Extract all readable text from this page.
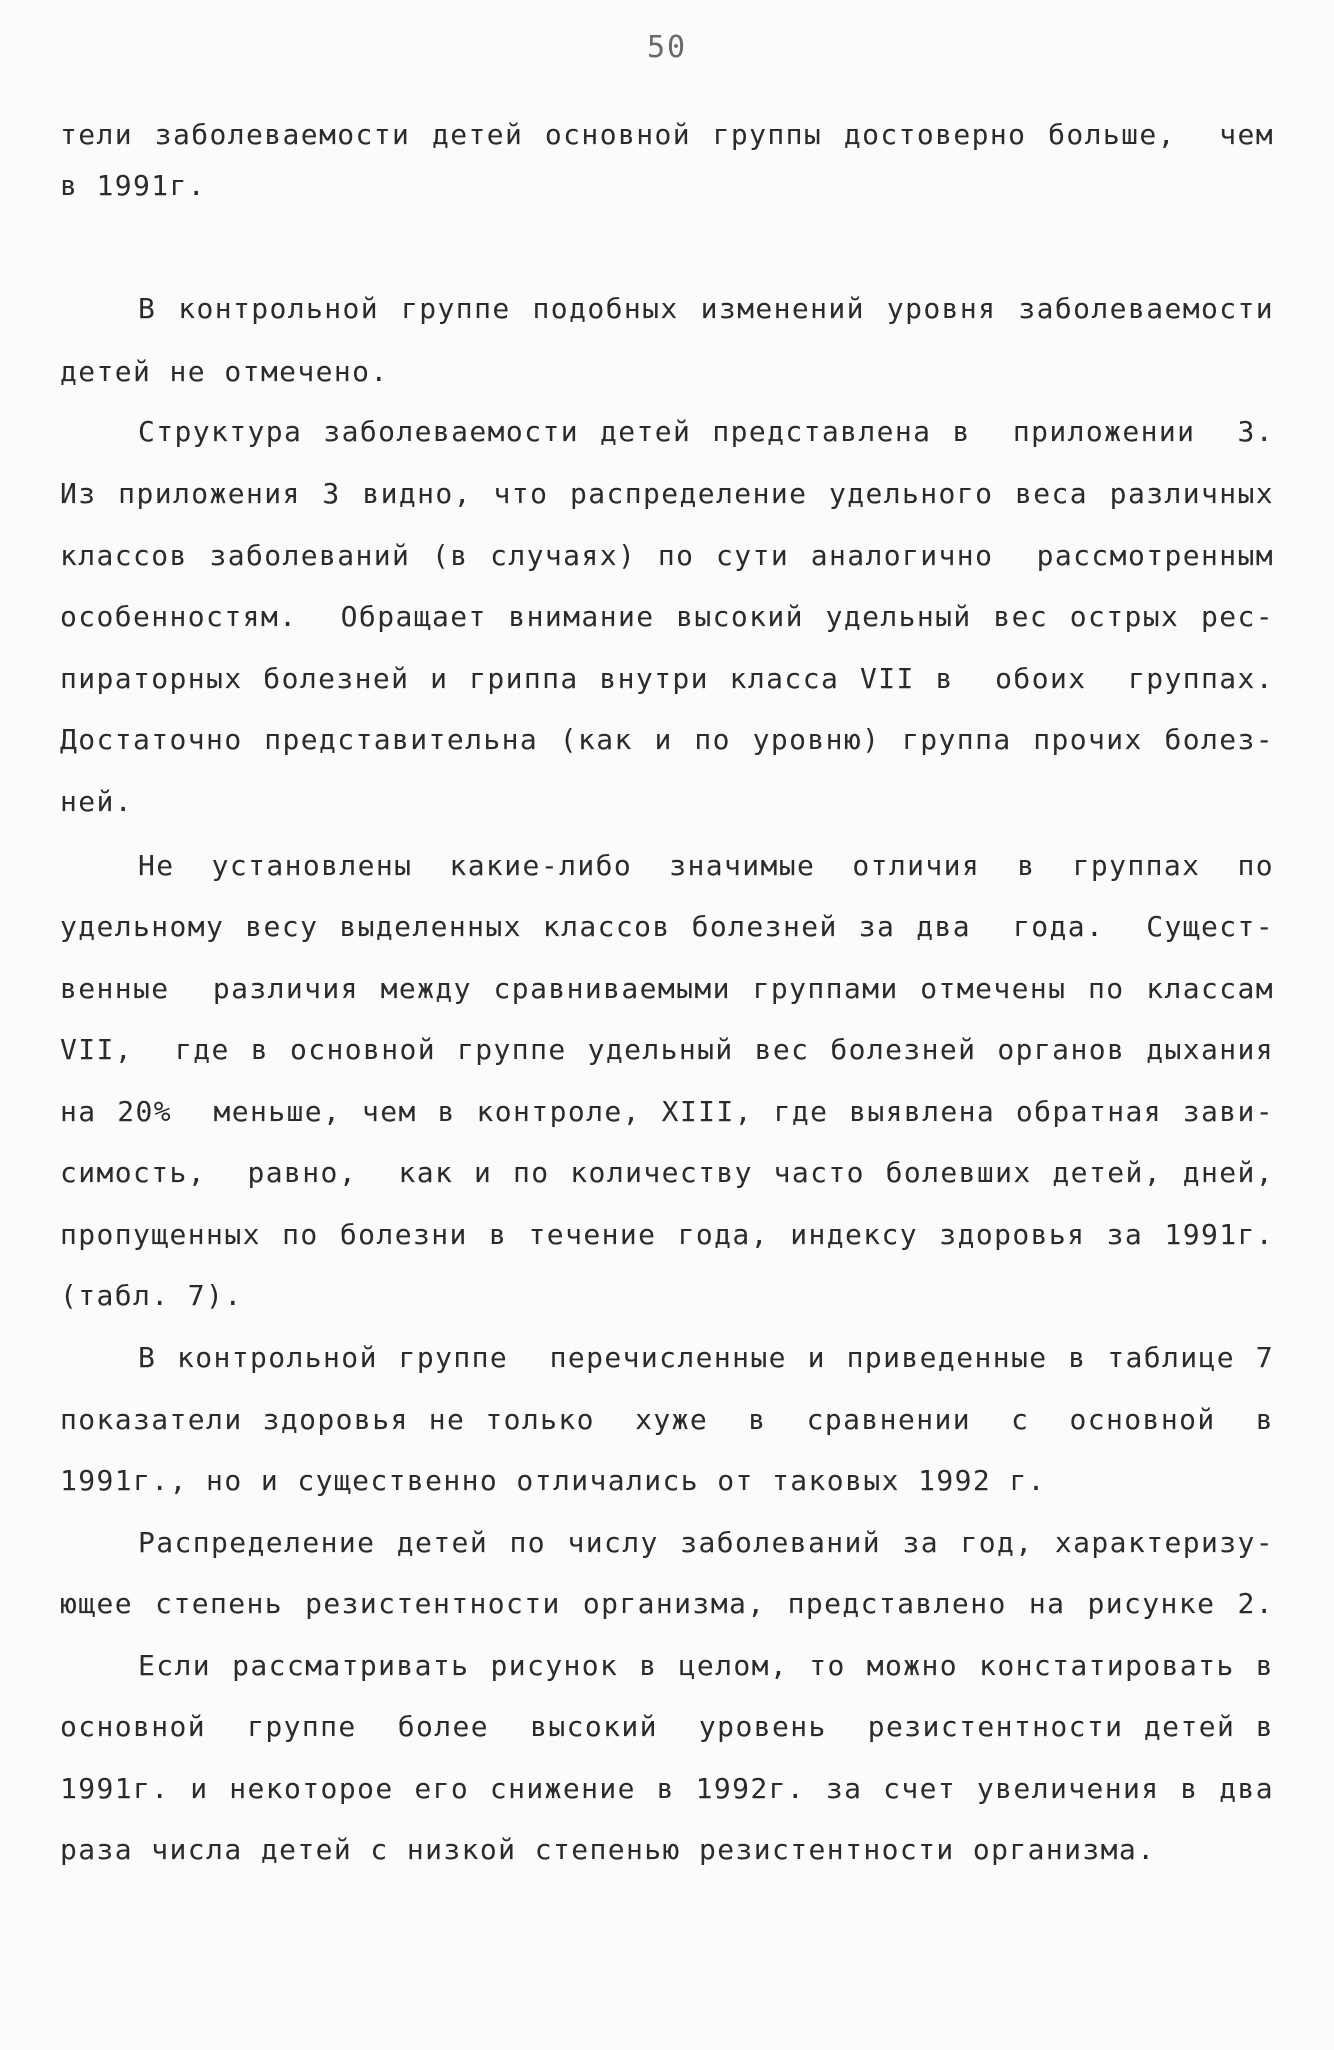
50
тели заболеваемости детей основной группы достоверно больше,  чем
в 1991г.
В контрольной группе подобных изменений уровня заболеваемости
детей не отмечено.
Структура заболеваемости детей представлена в  приложении  3.
Из приложения 3 видно, что распределение удельного веса различных
классов заболеваний (в случаях) по сути аналогично  рассмотренным
особенностям.  Обращает внимание высокий удельный вес острых рес-
пираторных болезней и гриппа внутри класса VII в  обоих  группах.
Достаточно представительна (как и по уровню) группа прочих болез-
ней.
Не установлены какие-либо значимые отличия в группах по
удельному весу выделенных классов болезней за два  года.  Сущест-
венные  различия между сравниваемыми группами отмечены по классам
VII,  где в основной группе удельный вес болезней органов дыхания
на 20%  меньше, чем в контроле, XIII, где выявлена обратная зави-
симость,  равно,  как и по количеству часто болевших детей, дней,
пропущенных по болезни в течение года, индексу здоровья за 1991г.
(табл. 7).
В контрольной группе  перечисленные и приведенные в таблице 7
показатели здоровья не только  хуже  в  сравнении  с  основной  в
1991г., но и существенно отличались от таковых 1992 г.
Распределение детей по числу заболеваний за год, характеризу-
ющее степень резистентности организма, представлено на рисунке 2.
Если рассматривать рисунок в целом, то можно констатировать в
основной  группе  более  высокий  уровень  резистентности детей в
1991г. и некоторое его снижение в 1992г. за счет увеличения в два
раза числа детей с низкой степенью резистентности организма.
